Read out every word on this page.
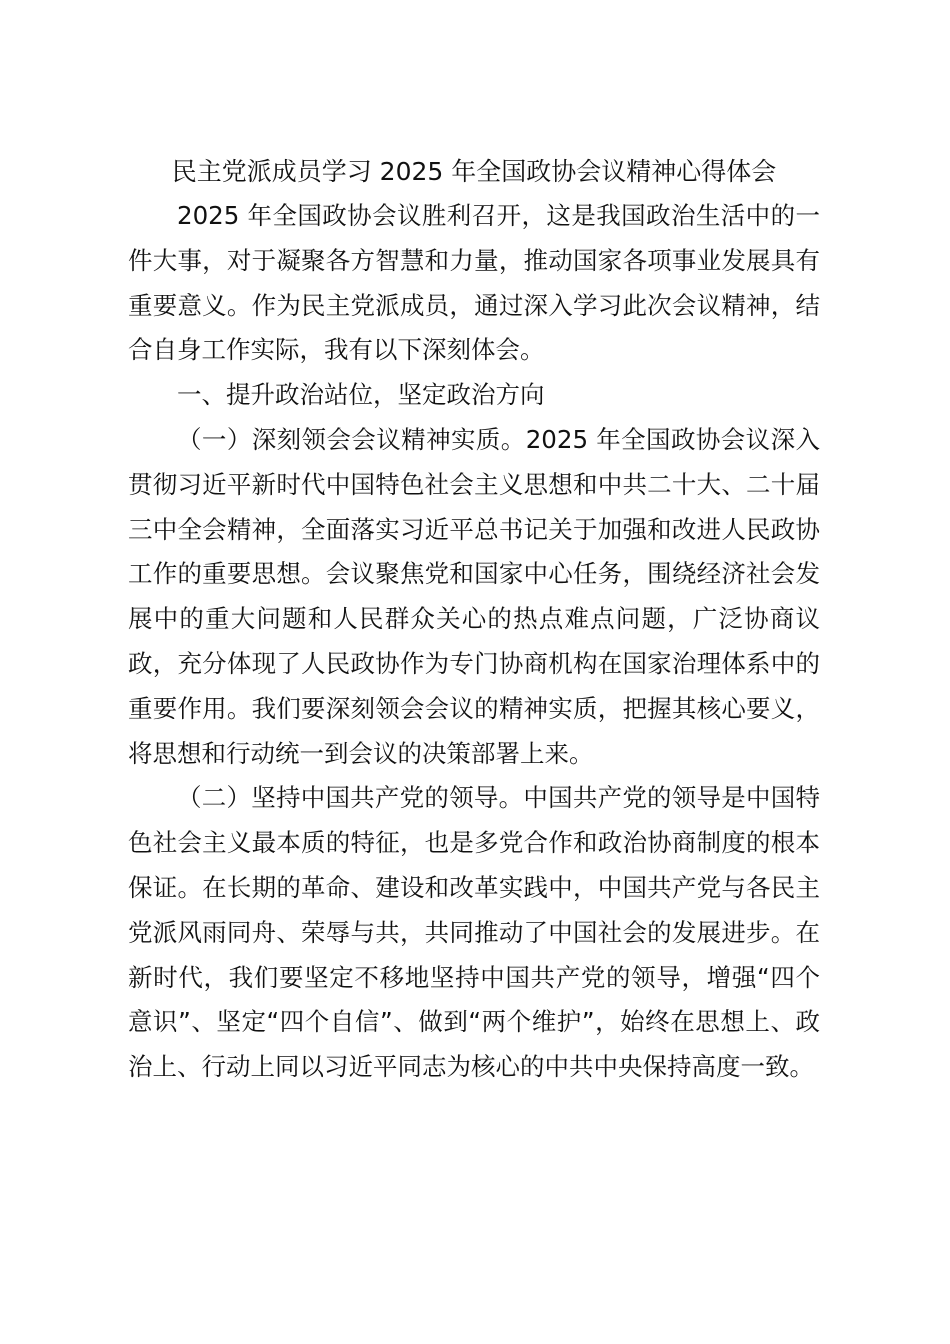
民主党派成员学习 2025 年全国政协会议精神心得体会

2025 年全国政协会议胜利召开，这是我国政治生活中的一件大事，对于凝聚各方智慧和力量，推动国家各项事业发展具有重要意义。作为民主党派成员，通过深入学习此次会议精神，结合自身工作实际，我有以下深刻体会。

一、提升政治站位，坚定政治方向

（一）深刻领会会议精神实质。2025 年全国政协会议深入贯彻习近平新时代中国特色社会主义思想和中共二十大、二十届三中全会精神，全面落实习近平总书记关于加强和改进人民政协工作的重要思想。会议聚焦党和国家中心任务，围绕经济社会发展中的重大问题和人民群众关心的热点难点问题，广泛协商议政，充分体现了人民政协作为专门协商机构在国家治理体系中的重要作用。我们要深刻领会会议的精神实质，把握其核心要义，将思想和行动统一到会议的决策部署上来。

（二）坚持中国共产党的领导。中国共产党的领导是中国特色社会主义最本质的特征，也是多党合作和政治协商制度的根本保证。在长期的革命、建设和改革实践中，中国共产党与各民主党派风雨同舟、荣辱与共，共同推动了中国社会的发展进步。在新时代，我们要坚定不移地坚持中国共产党的领导，增强“四个意识”、坚定“四个自信”、做到“两个维护”，始终在思想上、政治上、行动上同以习近平同志为核心的中共中央保持高度一致。
